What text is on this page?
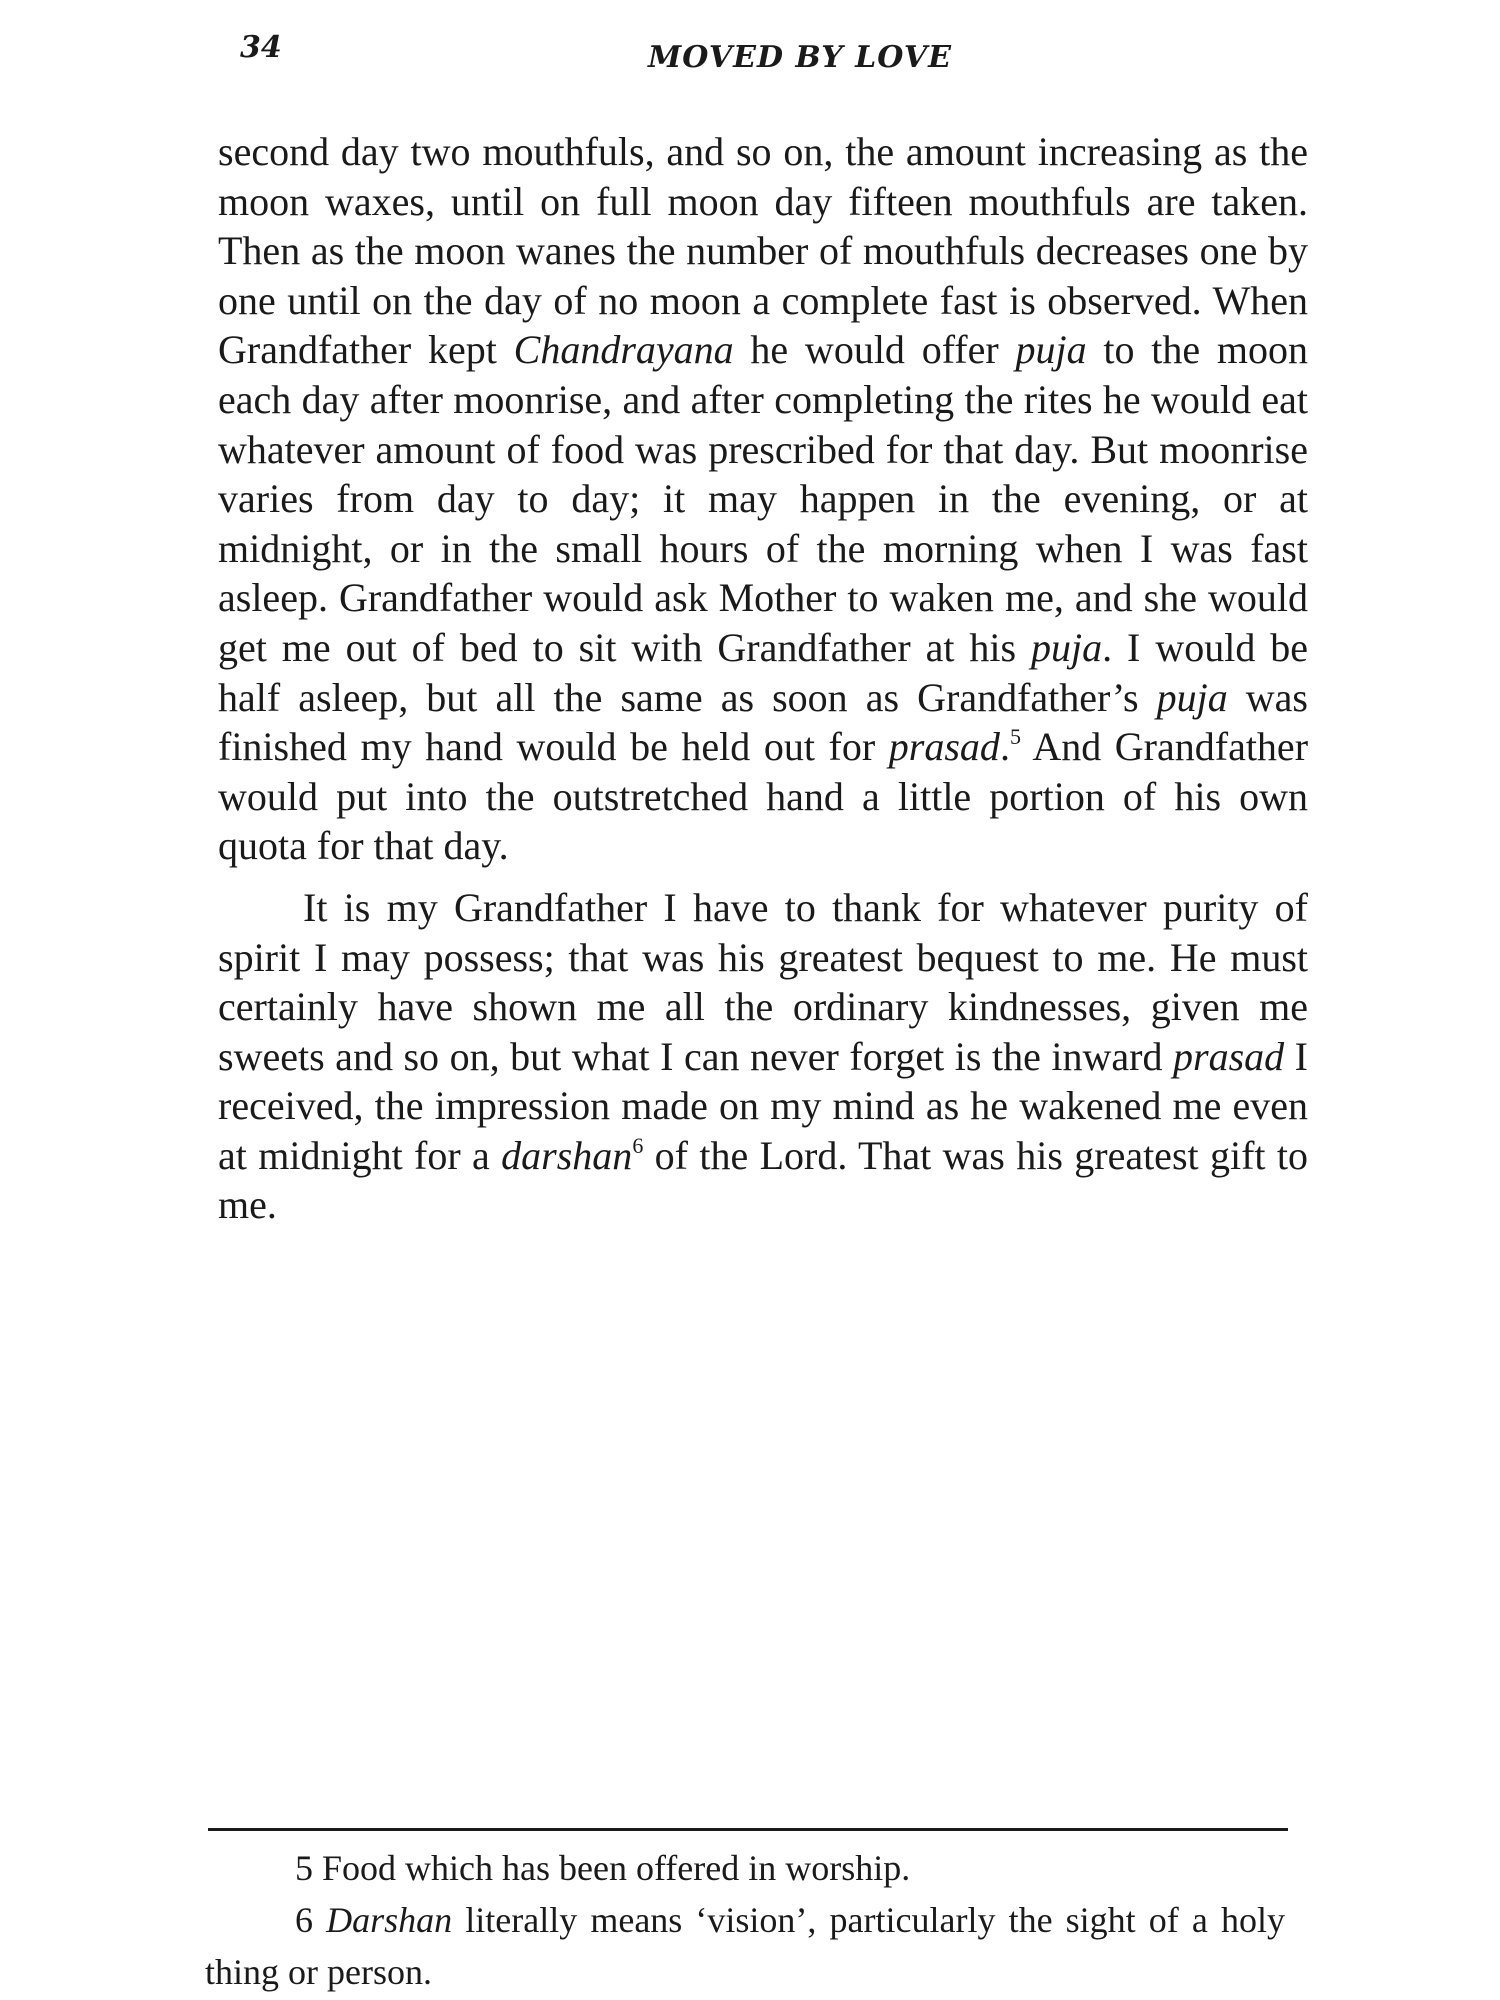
34	MOVED BY LOVE

second day two mouthfuls, and so on, the amount increasing as the moon waxes, until on full moon day fifteen mouthfuls are taken. Then as the moon wanes the number of mouthfuls decreases one by one until on the day of no moon a complete fast is observed. When Grandfather kept Chandrayana he would offer puja to the moon each day after moonrise, and after completing the rites he would eat whatever amount of food was prescribed for that day. But moonrise varies from day to day; it may happen in the evening, or at midnight, or in the small hours of the morning when I was fast asleep. Grandfather would ask Mother to waken me, and she would get me out of bed to sit with Grandfather at his puja. I would be half asleep, but all the same as soon as Grandfather’s puja was finished my hand would be held out for prasad.$^5$ And Grandfather would put into the outstretched hand a little portion of his own quota for that day.

It is my Grandfather I have to thank for whatever purity of spirit I may possess; that was his greatest bequest to me. He must certainly have shown me all the ordinary kindnesses, given me sweets and so on, but what I can never forget is the inward prasad I received, the impression made on my mind as he wakened me even at midnight for a darshan$^6$ of the Lord. That was his greatest gift to me.

5 Food which has been offered in worship.

6 Darshan literally means ‘vision’, particularly the sight of a holy thing or person.
